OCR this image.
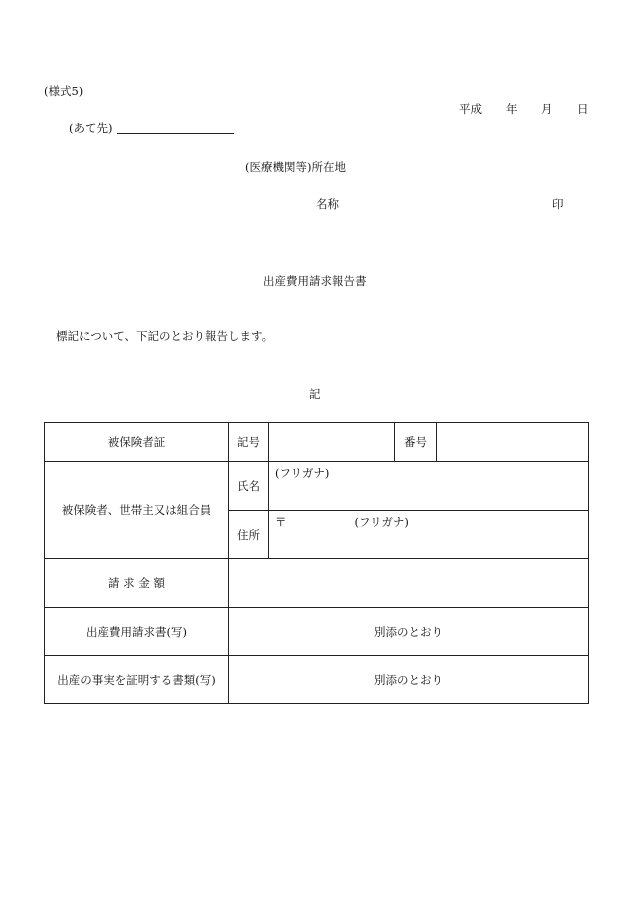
(様式5)
平成 年 月 日
(あて先)
(医療機関等)所在地
名称	印
出産費用請求報告書
標記について、下記のとおり報告します。
記
被保険者証	記号		番号	
被保険者、世帯主又は組合員	氏名	(フリガナ)		
	住所	〒 (フリガナ)		
請 求 金 額				
出産費用請求書(写)	別添のとおり			
出産の事実を証明する書類(写)	別添のとおり			
